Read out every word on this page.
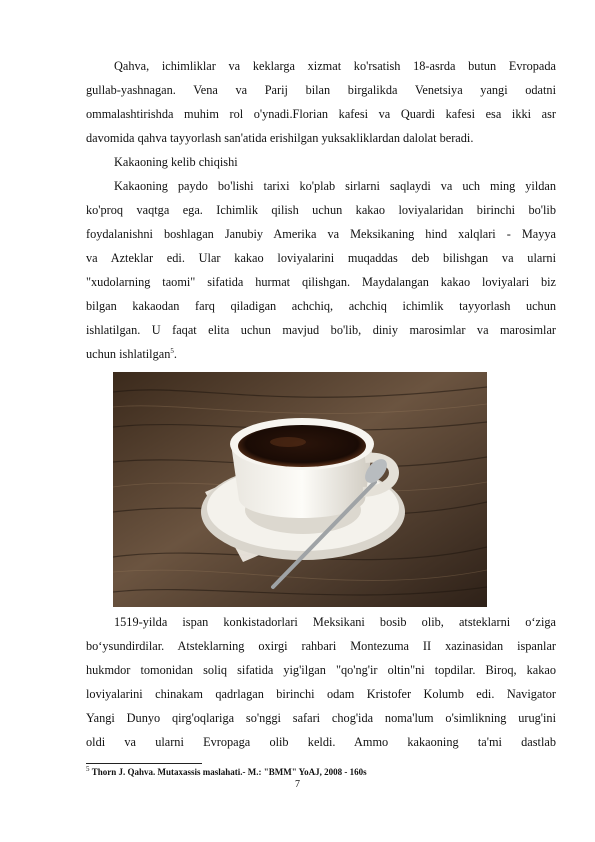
Qahva, ichimliklar va keklarga xizmat ko'rsatish 18-asrda butun Evropada
gullab-yashnagan. Vena va Parij bilan birgalikda Venetsiya yangi odatni
ommalashtirishda muhim rol o'ynadi.Florian kafesi va Quardi kafesi esa ikki asr
davomida qahva tayyorlash san'atida erishilgan yuksakliklardan dalolat beradi.
Kakaoning kelib chiqishi
Kakaoning paydo bo'lishi tarixi ko'plab sirlarni saqlaydi va uch ming yildan
ko'proq vaqtga ega. Ichimlik qilish uchun kakao loviyalaridan birinchi bo'lib
foydalanishni boshlagan Janubiy Amerika va Meksikaning hind xalqlari - Mayya
va Azteklar edi. Ular kakao loviyalarini muqaddas deb bilishgan va ularni
"xudolarning taomi" sifatida hurmat qilishgan. Maydalangan kakao loviyalari biz
bilgan kakaodan farq qiladigan achchiq, achchiq ichimlik tayyorlash uchun
ishlatilgan. U faqat elita uchun mavjud bo'lib, diniy marosimlar va marosimlar
uchun ishlatilgan$^5$.
1519-yilda ispan konkistadorlari Meksikani bosib olib, atsteklarni o‘ziga
bo‘ysundirdilar. Atsteklarning oxirgi rahbari Montezuma II xazinasidan ispanlar
hukmdor tomonidan soliq sifatida yig'ilgan "qo'ng'ir oltin"ni topdilar. Biroq, kakao
loviyalarini chinakam qadrlagan birinchi odam Kristofer Kolumb edi. Navigator
Yangi Dunyo qirg'oqlariga so'nggi safari chog'ida noma'lum o'simlikning urug'ini
oldi va ularni Evropaga olib keldi. Ammo kakaoning ta'mi dastlab
$^5$ Thorn J. Qahva. Mutaxassis maslahati.- M.: "BMM" YoAJ, 2008 - 160s
7
